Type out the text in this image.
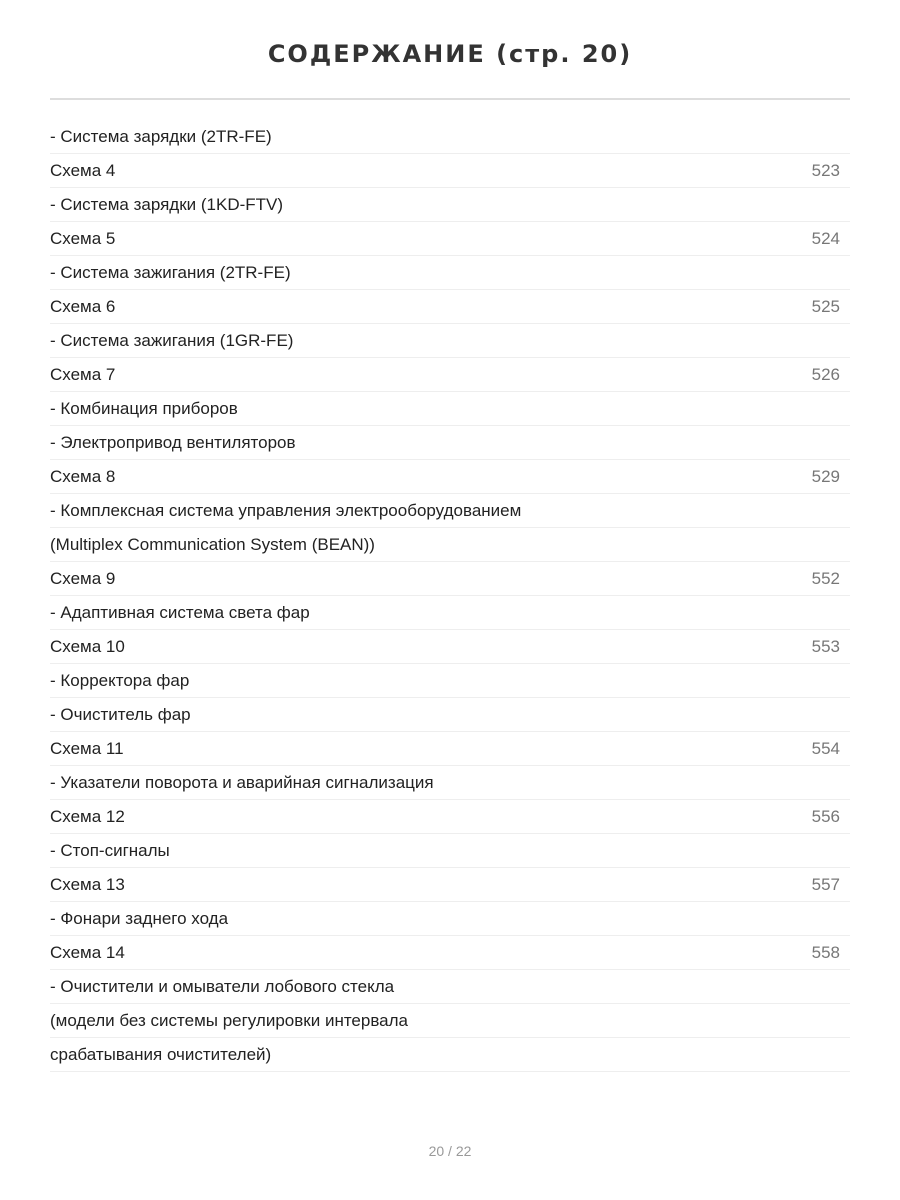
СОДЕРЖАНИЕ (стр. 20)
- Система зарядки (2TR-FE)
Схема 4	523
- Система зарядки (1KD-FTV)
Схема 5	524
- Система зажигания (2TR-FE)
Схема 6	525
- Система зажигания (1GR-FE)
Схема 7	526
- Комбинация приборов
- Электропривод вентиляторов
Схема 8	529
- Комплексная система управления электрооборудованием
(Multiplex Communication System (BEAN))
Схема 9	552
- Адаптивная система света фар
Схема 10	553
- Корректора фар
- Очиститель фар
Схема 11	554
- Указатели поворота и аварийная сигнализация
Схема 12	556
- Стоп-сигналы
Схема 13	557
- Фонари заднего хода
Схема 14	558
- Очистители и омыватели лобового стекла
(модели без системы регулировки интервала
срабатывания очистителей)
20 / 22
